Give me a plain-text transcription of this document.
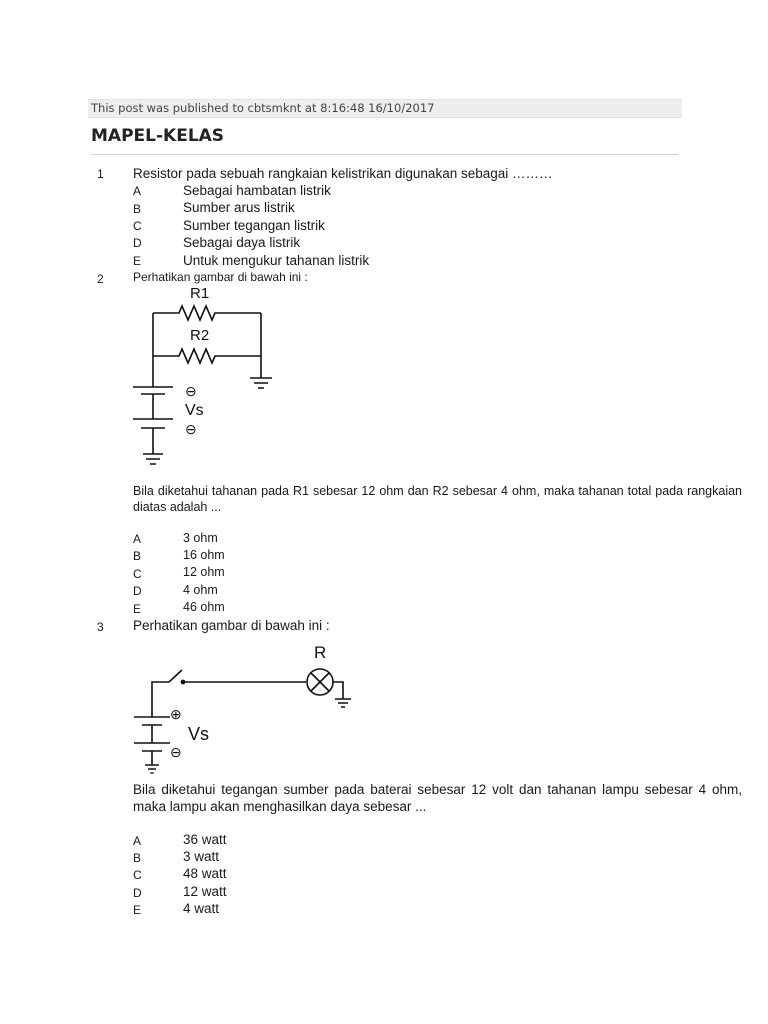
This post was published to cbtsmknt at 8:16:48 16/10/2017
MAPEL-KELAS
1 Resistor pada sebuah rangkaian kelistrikan digunakan sebagai ………
A	Sebagai hambatan listrik
B	Sumber arus listrik
C	Sumber tegangan listrik
D	Sebagai daya listrik
E	Untuk mengukur tahanan listrik
2 Perhatikan gambar di bawah ini :
R1
R2
⊖
Vs
⊖
Bila diketahui tahanan pada R1 sebesar 12 ohm dan R2 sebesar 4 ohm, maka tahanan total pada rangkaian diatas adalah ...
A	3 ohm
B	16 ohm
C	12 ohm
D	4 ohm
E	46 ohm
3 Perhatikan gambar di bawah ini :
R
⊕
Vs
⊖
Bila diketahui tegangan sumber pada baterai sebesar 12 volt dan tahanan lampu sebesar 4 ohm, maka lampu akan menghasilkan daya sebesar ...
A	36 watt
B	3 watt
C	48 watt
D	12 watt
E	4 watt
